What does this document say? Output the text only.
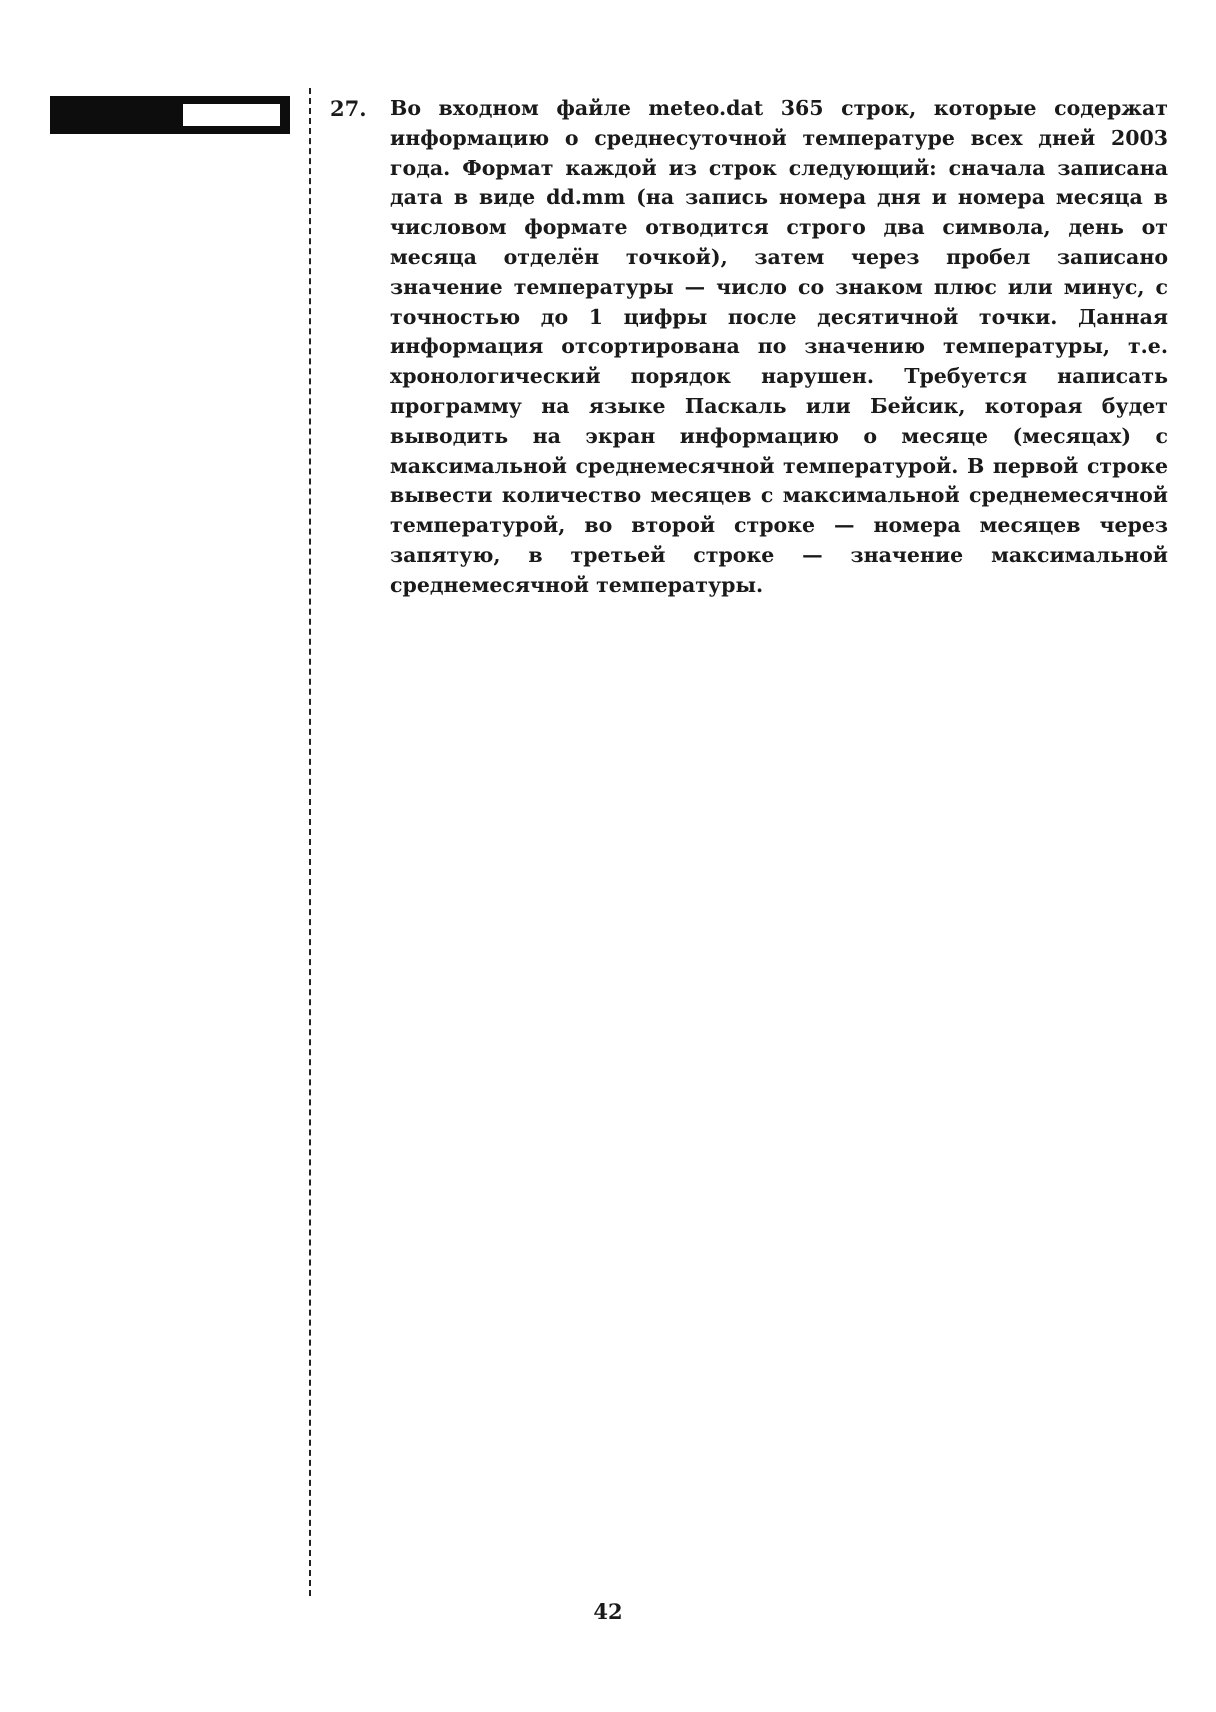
27. Во входном файле meteo.dat 365 строк, которые содержат информацию о среднесуточной температуре всех дней 2003 года. Формат каждой из строк следующий: сначала записана дата в виде dd.mm (на запись номера дня и номера месяца в числовом формате отводится строго два символа, день от месяца отделён точкой), затем через пробел записано значение температуры — число со знаком плюс или минус, с точностью до 1 цифры после десятичной точки. Данная информация отсортирована по значению температуры, т.е. хронологический порядок нарушен. Требуется написать программу на языке Паскаль или Бейсик, которая будет выводить на экран информацию о месяце (месяцах) с максимальной среднемесячной температурой. В первой строке вывести количество месяцев с максимальной среднемесячной температурой, во второй строке — номера месяцев через запятую, в третьей строке — значение максимальной среднемесячной температуры.

42
